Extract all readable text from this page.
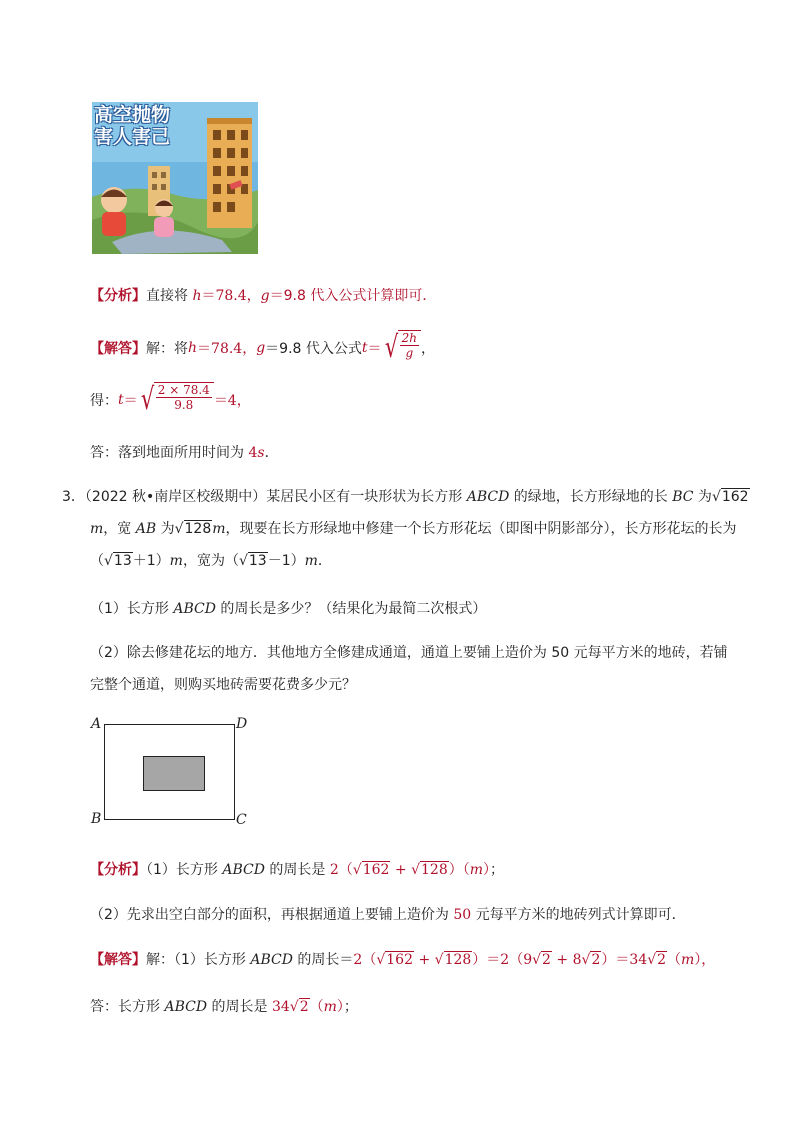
高空抛物
害人害己
【分析】直接将 h＝78.4，g＝9.8 代入公式计算即可．
【解答】 解：将 h ＝78.4， g ＝9.8 代入公式 t ＝ √ $\frac{2h}{g}$ ，
得： t ＝ √ $\frac{2 \times 78.4}{9.8} =4$，
答：落到地面所用时间为 4s．
3．（2022 秋•南岸区校级期中）某居民小区有一块形状为长方形 ABCD 的绿地，长方形绿地的长 BC 为√162
m，宽 AB 为√128m，现要在长方形绿地中修建一个长方形花坛（即图中阴影部分），长方形花坛的长为
（√13＋1）m，宽为（√13－1）m．
（1）长方形 ABCD 的周长是多少？（结果化为最简二次根式）
（2）除去修建花坛的地方．其他地方全修建成通道，通道上要铺上造价为 50 元每平方米的地砖，若铺
完整个通道，则购买地砖需要花费多少元？
A	D
B	C
【分析】（1）长方形 ABCD 的周长是 2（√162 + √128）（m）；
（2）先求出空白部分的面积，再根据通道上要铺上造价为 50 元每平方米的地砖列式计算即可．
【解答】解：（1）长方形 ABCD 的周长＝2（√162 + √128）＝2（9√2 + 8√2）＝34√2（m），
答：长方形 ABCD 的周长是 34√2（m）；
